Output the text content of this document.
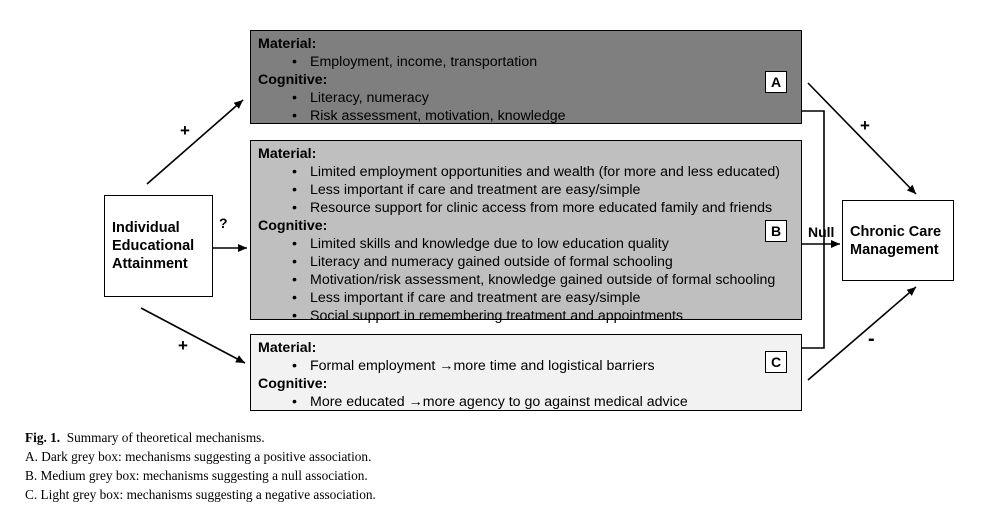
Individual
Educational
Attainment
Chronic Care
Management
Material:
• Employment, income, transportation
Cognitive:
• Literacy, numeracy
• Risk assessment, motivation, knowledge
A
Material:
• Limited employment opportunities and wealth (for more and less educated)
• Less important if care and treatment are easy/simple
• Resource support for clinic access from more educated family and friends
Cognitive:
• Limited skills and knowledge due to low education quality
• Literacy and numeracy gained outside of formal schooling
• Motivation/risk assessment, knowledge gained outside of formal schooling
• Less important if care and treatment are easy/simple
• Social support in remembering treatment and appointments
B
Material:
• Formal employment →more time and logistical barriers
Cognitive:
• More educated →more agency to go against medical advice
C
+
?
+
+
Null
-
Fig. 1. Summary of theoretical mechanisms.
A. Dark grey box: mechanisms suggesting a positive association.
B. Medium grey box: mechanisms suggesting a null association.
C. Light grey box: mechanisms suggesting a negative association.
